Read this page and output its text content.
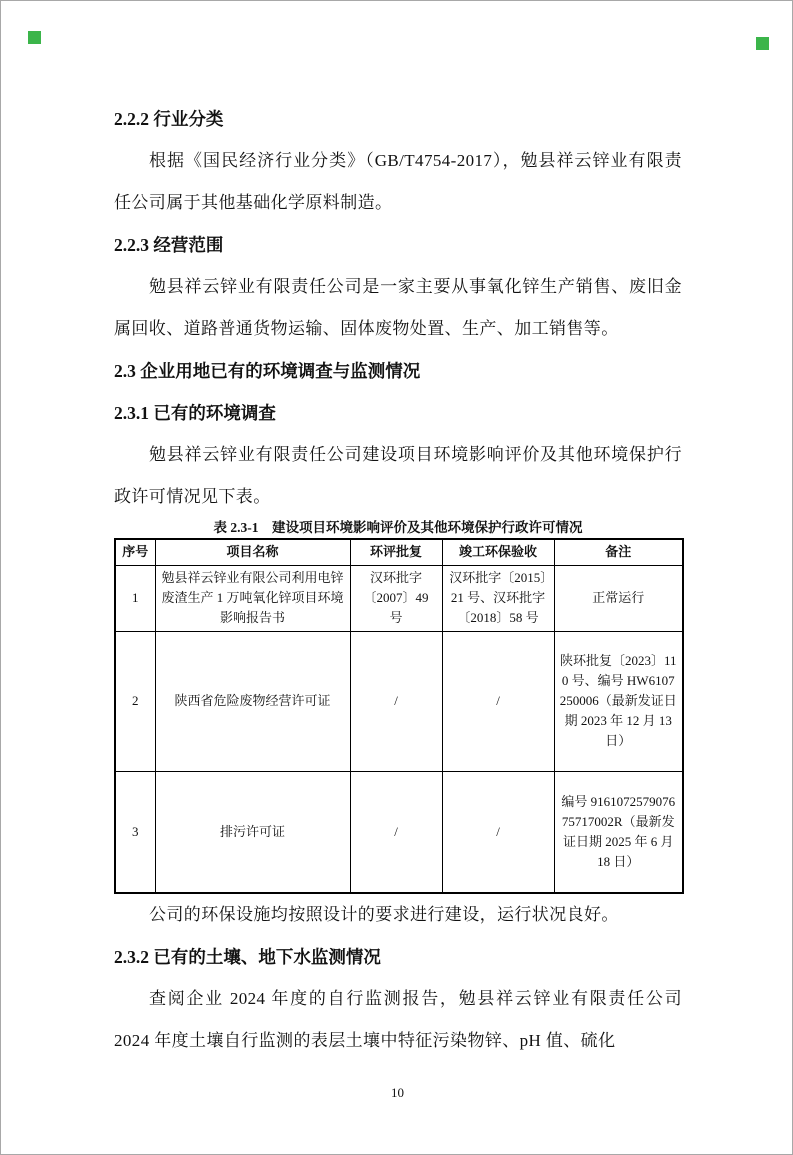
2.2.2 行业分类
根据《国民经济行业分类》（GB/T4754-2017），勉县祥云锌业有限责任公司属于其他基础化学原料制造。
2.2.3 经营范围
勉县祥云锌业有限责任公司是一家主要从事氧化锌生产销售、废旧金属回收、道路普通货物运输、固体废物处置、生产、加工销售等。
2.3 企业用地已有的环境调查与监测情况
2.3.1 已有的环境调查
勉县祥云锌业有限责任公司建设项目环境影响评价及其他环境保护行政许可情况见下表。
表 2.3-1　建设项目环境影响评价及其他环境保护行政许可情况
序号	项目名称	环评批复	竣工环保验收	备注
1	勉县祥云锌业有限公司利用电锌废渣生产 1 万吨氧化锌项目环境影响报告书	汉环批字〔2007〕49 号	汉环批字〔2015〕21 号、汉环批字〔2018〕58 号	正常运行
2	陕西省危险废物经营许可证	/	/	陕环批复〔2023〕110 号、编号 HW6107250006（最新发证日期 2023 年 12 月 13 日）
3	排污许可证	/	/	编号 916107257907675717002R（最新发证日期 2025 年 6 月 18 日）
公司的环保设施均按照设计的要求进行建设，运行状况良好。
2.3.2 已有的土壤、地下水监测情况
查阅企业 2024 年度的自行监测报告，勉县祥云锌业有限责任公司 2024 年度土壤自行监测的表层土壤中特征污染物锌、pH 值、硫化
10
